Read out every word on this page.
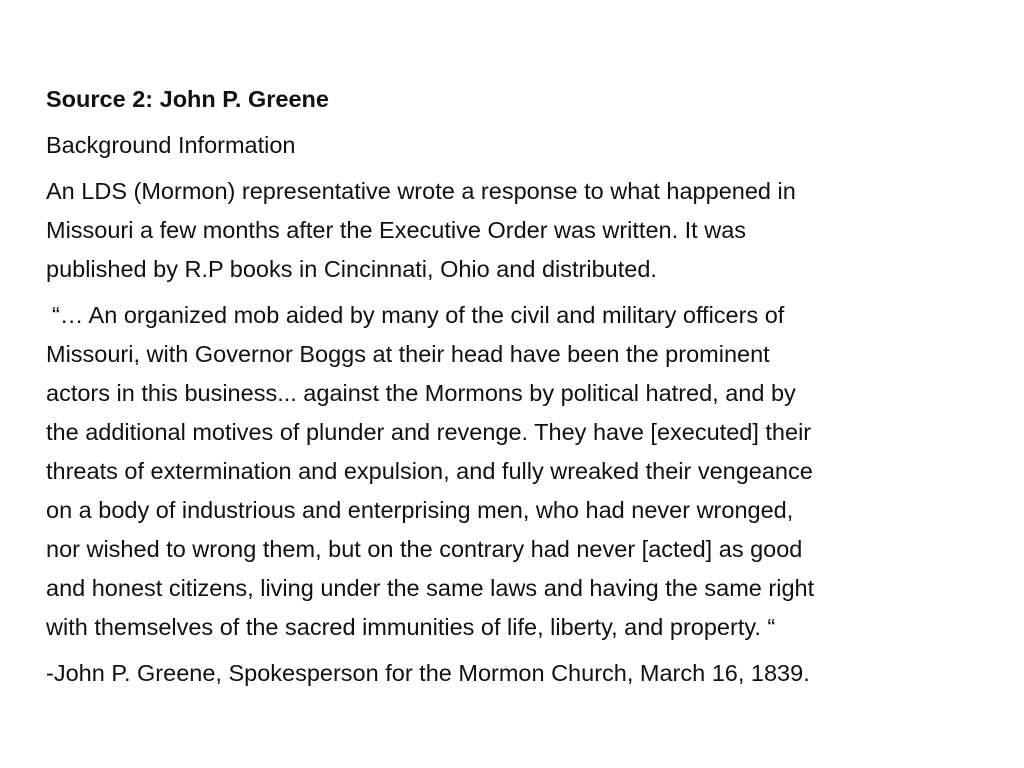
Source 2: John P. Greene

Background Information

An LDS (Mormon) representative wrote a response to what happened in
Missouri a few months after the Executive Order was written. It was
published by R.P books in Cincinnati, Ohio and distributed.

“… An organized mob aided by many of the civil and military officers of
Missouri, with Governor Boggs at their head have been the prominent
actors in this business... against the Mormons by political hatred, and by
the additional motives of plunder and revenge. They have [executed] their
threats of extermination and expulsion, and fully wreaked their vengeance
on a body of industrious and enterprising men, who had never wronged,
nor wished to wrong them, but on the contrary had never [acted] as good
and honest citizens, living under the same laws and having the same right
with themselves of the sacred immunities of life, liberty, and property. “

-John P. Greene, Spokesperson for the Mormon Church, March 16, 1839.
